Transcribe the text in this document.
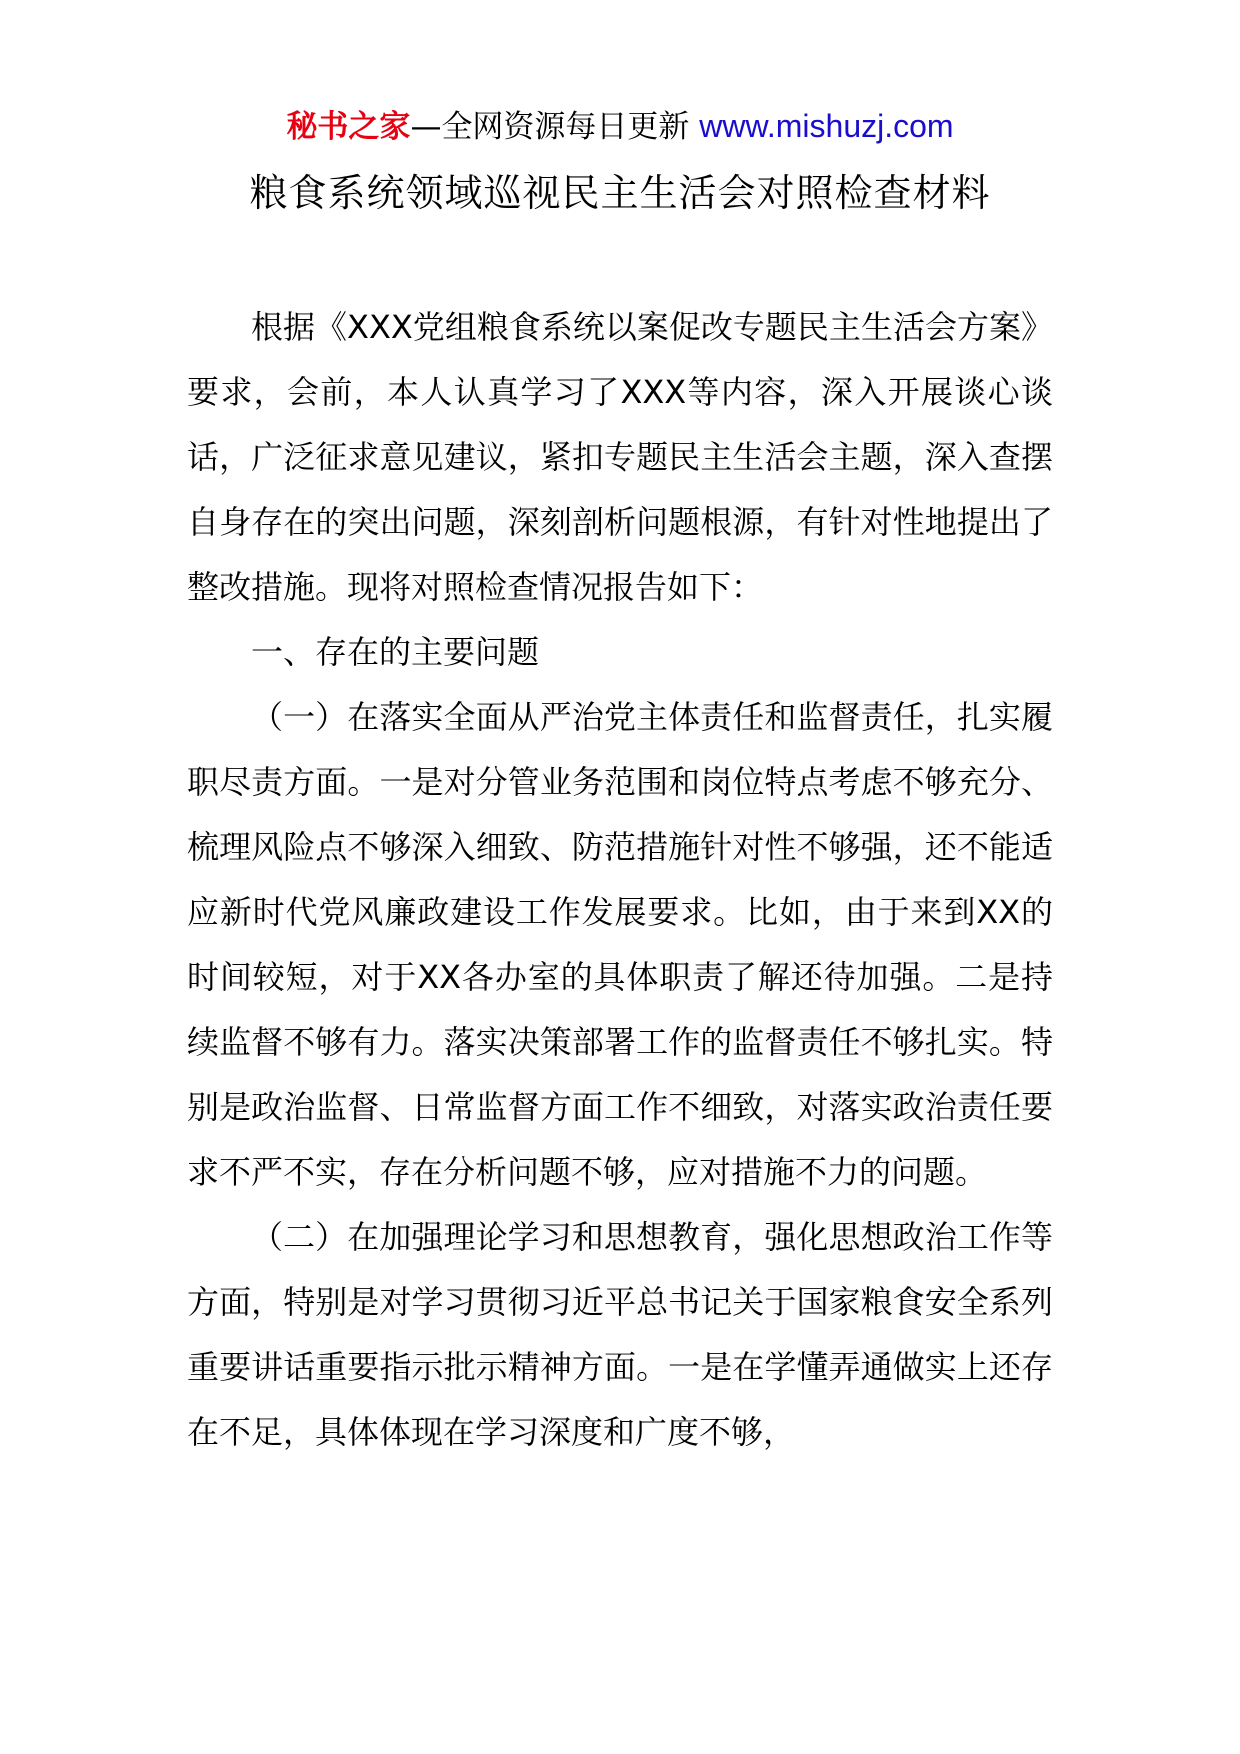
秘书之家—全网资源每日更新 www.mishuzj.com
粮食系统领域巡视民主生活会对照检查材料

根据《XXX党组粮食系统以案促改专题民主生活会方案》要求，会前，本人认真学习了XXX等内容，深入开展谈心谈话，广泛征求意见建议，紧扣专题民主生活会主题，深入查摆自身存在的突出问题，深刻剖析问题根源，有针对性地提出了整改措施。现将对照检查情况报告如下：

一、存在的主要问题

（一）在落实全面从严治党主体责任和监督责任，扎实履职尽责方面。一是对分管业务范围和岗位特点考虑不够充分、梳理风险点不够深入细致、防范措施针对性不够强，还不能适应新时代党风廉政建设工作发展要求。比如，由于来到XX的时间较短，对于XX各办室的具体职责了解还待加强。二是持续监督不够有力。落实决策部署工作的监督责任不够扎实。特别是政治监督、日常监督方面工作不细致，对落实政治责任要求不严不实，存在分析问题不够，应对措施不力的问题。

（二）在加强理论学习和思想教育，强化思想政治工作等方面，特别是对学习贯彻习近平总书记关于国家粮食安全系列重要讲话重要指示批示精神方面。一是在学懂弄通做实上还存在不足，具体体现在学习深度和广度不够，
